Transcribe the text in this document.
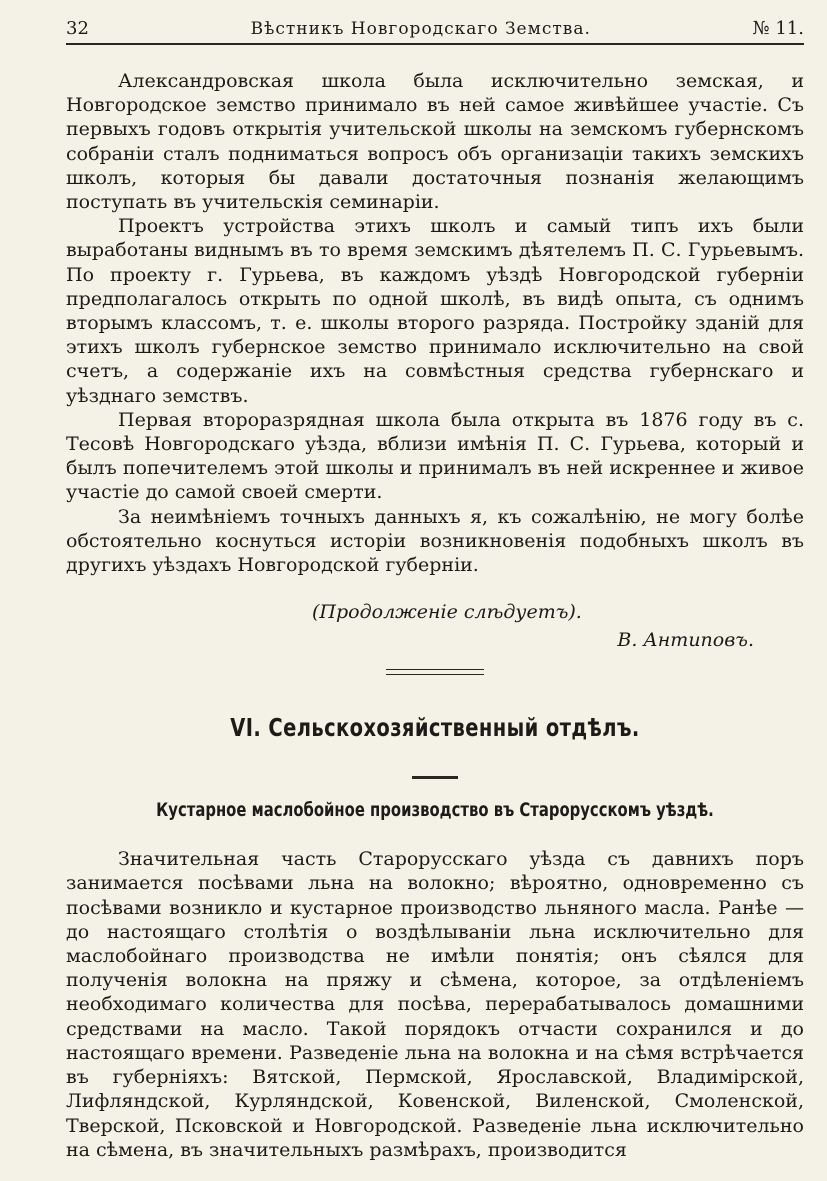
32	Вѣстникъ Новгородскаго Земства.	№ 11.

Александровская школа была исключительно земская, и Новгородское земство принимало въ ней самое живѣйшее участіе. Съ первыхъ годовъ открытія учительской школы на земскомъ губернскомъ собраніи сталъ подниматься вопросъ объ организаціи такихъ земскихъ школъ, которыя бы давали достаточныя познанія желающимъ поступать въ учительскія семинаріи.

Проектъ устройства этихъ школъ и самый типъ ихъ были выработаны виднымъ въ то время земскимъ дѣятелемъ П. С. Гурьевымъ. По проекту г. Гурьева, въ каждомъ уѣздѣ Новгородской губерніи предполагалось открыть по одной школѣ, въ видѣ опыта, съ однимъ вторымъ классомъ, т. е. школы второго разряда. Постройку зданій для этихъ школъ губернское земство принимало исключительно на свой счетъ, а содержаніе ихъ на совмѣстныя средства губернскаго и уѣзднаго земствъ.

Первая второразрядная школа была открыта въ 1876 году въ с. Тесовѣ Новгородскаго уѣзда, вблизи имѣнія П. С. Гурьева, который и былъ попечителемъ этой школы и принималъ въ ней искреннее и живое участіе до самой своей смерти.

За неимѣніемъ точныхъ данныхъ я, къ сожалѣнію, не могу болѣе обстоятельно коснуться исторіи возникновенія подобныхъ школъ въ другихъ уѣздахъ Новгородской губерніи.

(Продолженіе слѣдуетъ).
В. Антиповъ.
VI. Сельскохозяйственный отдѣлъ.
Кустарное маслобойное производство въ Старорусскомъ уѣздѣ.

Значительная часть Старорусскаго уѣзда съ давнихъ поръ занимается посѣвами льна на волокно; вѣроятно, одновременно съ посѣвами возникло и кустарное производство льняного масла. Ранѣе — до настоящаго столѣтія о воздѣлываніи льна исключительно для маслобойнаго производства не имѣли понятія; онъ сѣялся для полученія волокна на пряжу и сѣмена, которое, за отдѣленіемъ необходимаго количества для посѣва, перерабатывалось домашними средствами на масло. Такой порядокъ отчасти сохранился и до настоящаго времени. Разведеніе льна на волокна и на сѣмя встрѣчается въ губерніяхъ: Вятской, Пермской, Ярославской, Владимірской, Лифляндской, Курляндской, Ковенской, Виленской, Смоленской, Тверской, Псковской и Новгородской. Разведеніе льна исключительно на сѣмена, въ значительныхъ размѣрахъ, производится
